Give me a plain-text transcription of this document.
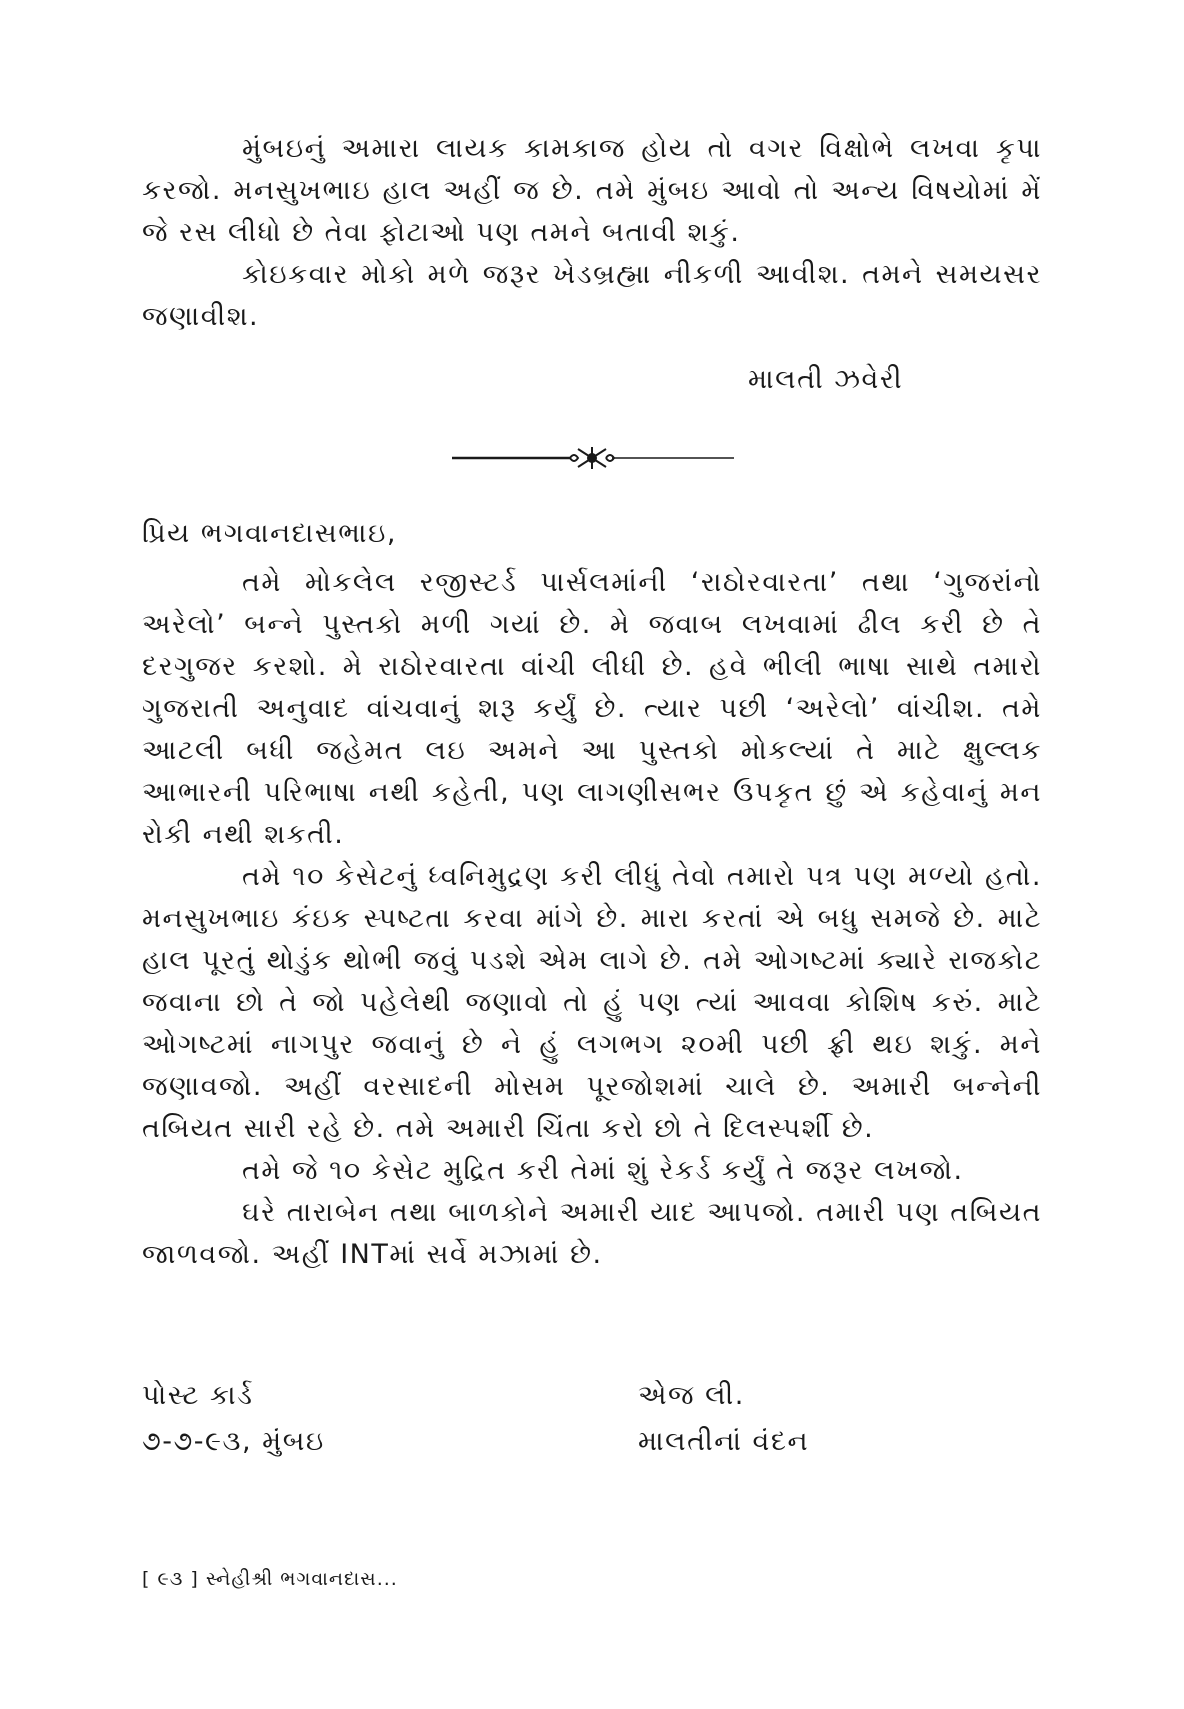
મુંબઇનું અમારા લાયક કામકાજ હોય તો વગર વિક્ષોભે લખવા કૃપા કરજો. મનસુખભાઇ હાલ અહીં જ છે. તમે મુંબઇ આવો તો અન્ય વિષયોમાં મેં જે રસ લીધો છે તેવા ફોટાઓ પણ તમને બતાવી શકું.

કોઇકવાર મોકો મળે જરૂર ખેડબ્રહ્મા નીકળી આવીશ. તમને સમયસર જણાવીશ.

માલતી ઝવેરી
પ્રિય ભગવાનદાસભાઇ,

તમે મોકલેલ રજીસ્ટર્ડ પાર્સલમાંની ‘રાઠોરવારતા’ તથા ‘ગુજરાંનો અરેલો’ બન્ને પુસ્તકો મળી ગયાં છે. મે જવાબ લખવામાં ઢીલ કરી છે તે દરગુજર કરશો. મે રાઠોરવારતા વાંચી લીધી છે. હવે ભીલી ભાષા સાથે તમારો ગુજરાતી અનુવાદ વાંચવાનું શરૂ કર્યું છે. ત્યાર પછી ‘અરેલો’ વાંચીશ. તમે આટલી બધી જહેમત લઇ અમને આ પુસ્તકો મોકલ્યાં તે માટે ક્ષુલ્લક આભારની પરિભાષા નથી કહેતી, પણ લાગણીસભર ઉપકૃત છું એ કહેવાનું મન રોકી નથી શકતી.

તમે ૧૦ કેસેટનું ધ્વનિમુદ્રણ કરી લીધું તેવો તમારો પત્ર પણ મળ્યો હતો. મનસુખભાઇ કંઇક સ્પષ્ટતા કરવા માંગે છે. મારા કરતાં એ બધુ સમજે છે. માટે હાલ પૂરતું થોડુંક થોભી જવું પડશે એમ લાગે છે. તમે ઓગષ્ટમાં ક્યારે રાજકોટ જવાના છો તે જો પહેલેથી જણાવો તો હું પણ ત્યાં આવવા કોશિષ કરું. માટે ઓગષ્ટમાં નાગપુર જવાનું છે ને હું લગભગ ૨૦મી પછી ફ્રી થઇ શકું. મને જણાવજો. અહીં વરસાદની મોસમ પૂરજોશમાં ચાલે છે. અમારી બન્નેની તબિયત સારી રહે છે. તમે અમારી ચિંતા કરો છો તે દિલસ્પર્શી છે.

તમે જે ૧૦ કેસેટ મુદ્રિત કરી તેમાં શું રેકર્ડ કર્યું તે જરૂર લખજો.

ઘરે તારાબેન તથા બાળકોને અમારી યાદ આપજો. તમારી પણ તબિયત જાળવજો. અહીં INTમાં સર્વે મઝામાં છે.

પોસ્ટ કાર્ડ
૭-૭-૯૩, મુંબઇ
એજ લી.
માલતીનાં વંદન
[ ૯૩ ] સ્નેહીશ્રી ભગવાનદાસ...
